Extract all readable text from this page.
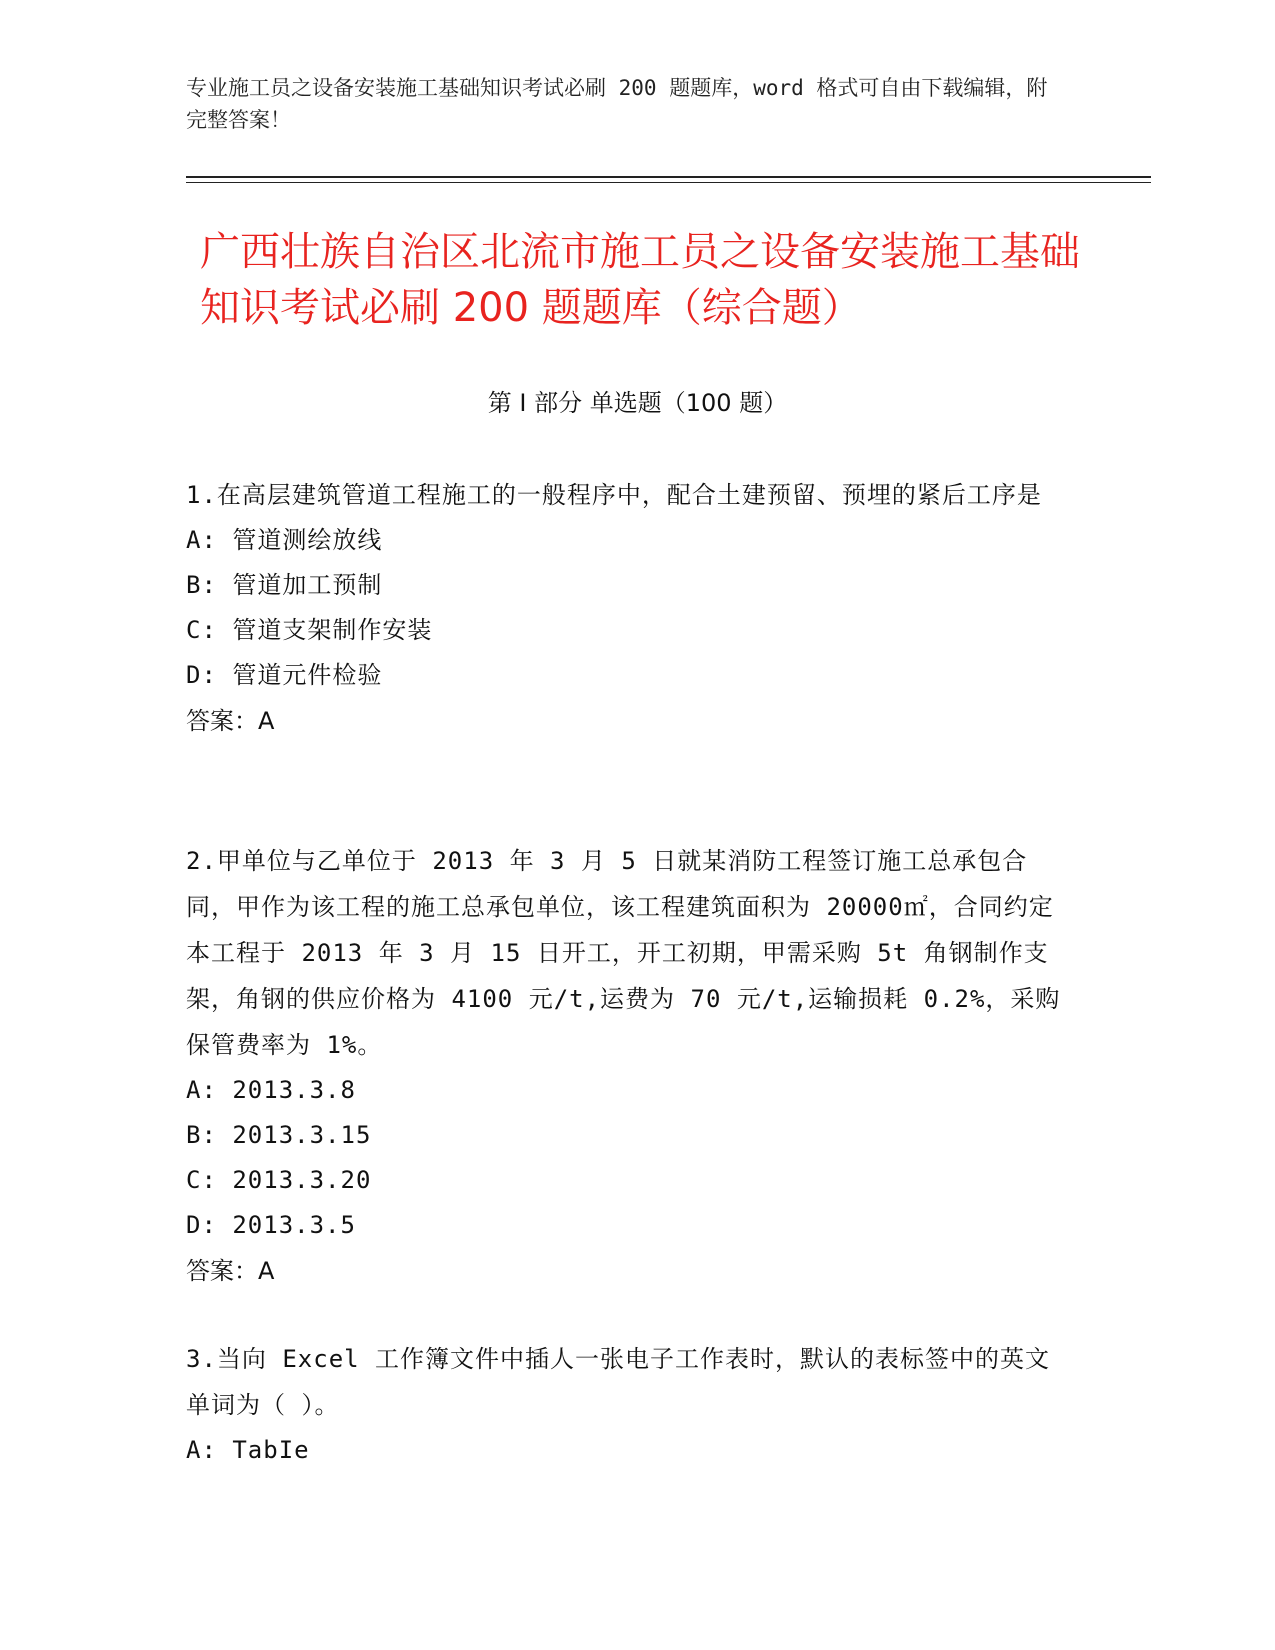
专业施工员之设备安装施工基础知识考试必刷 200 题题库，word 格式可自由下载编辑，附完整答案！
广西壮族自治区北流市施工员之设备安装施工基础知识考试必刷 200 题题库（综合题）
第 I 部分 单选题（100 题）

1.在高层建筑管道工程施工的一般程序中，配合土建预留、预埋的紧后工序是

A: 管道测绘放线

B: 管道加工预制

C: 管道支架制作安装

D: 管道元件检验

答案：A

2.甲单位与乙单位于 2013 年 3 月 5 日就某消防工程签订施工总承包合同，甲作为该工程的施工总承包单位，该工程建筑面积为 20000㎡，合同约定本工程于 2013 年 3 月 15 日开工，开工初期，甲需采购 5t 角钢制作支架，角钢的供应价格为 4100 元/t,运费为 70 元/t,运输损耗 0.2%，采购保管费率为 1%。

A: 2013.3.8

B: 2013.3.15

C: 2013.3.20

D: 2013.3.5

答案：A

3.当向 Excel 工作簿文件中插人一张电子工作表时，默认的表标签中的英文单词为（ ）。

A: TabIe
